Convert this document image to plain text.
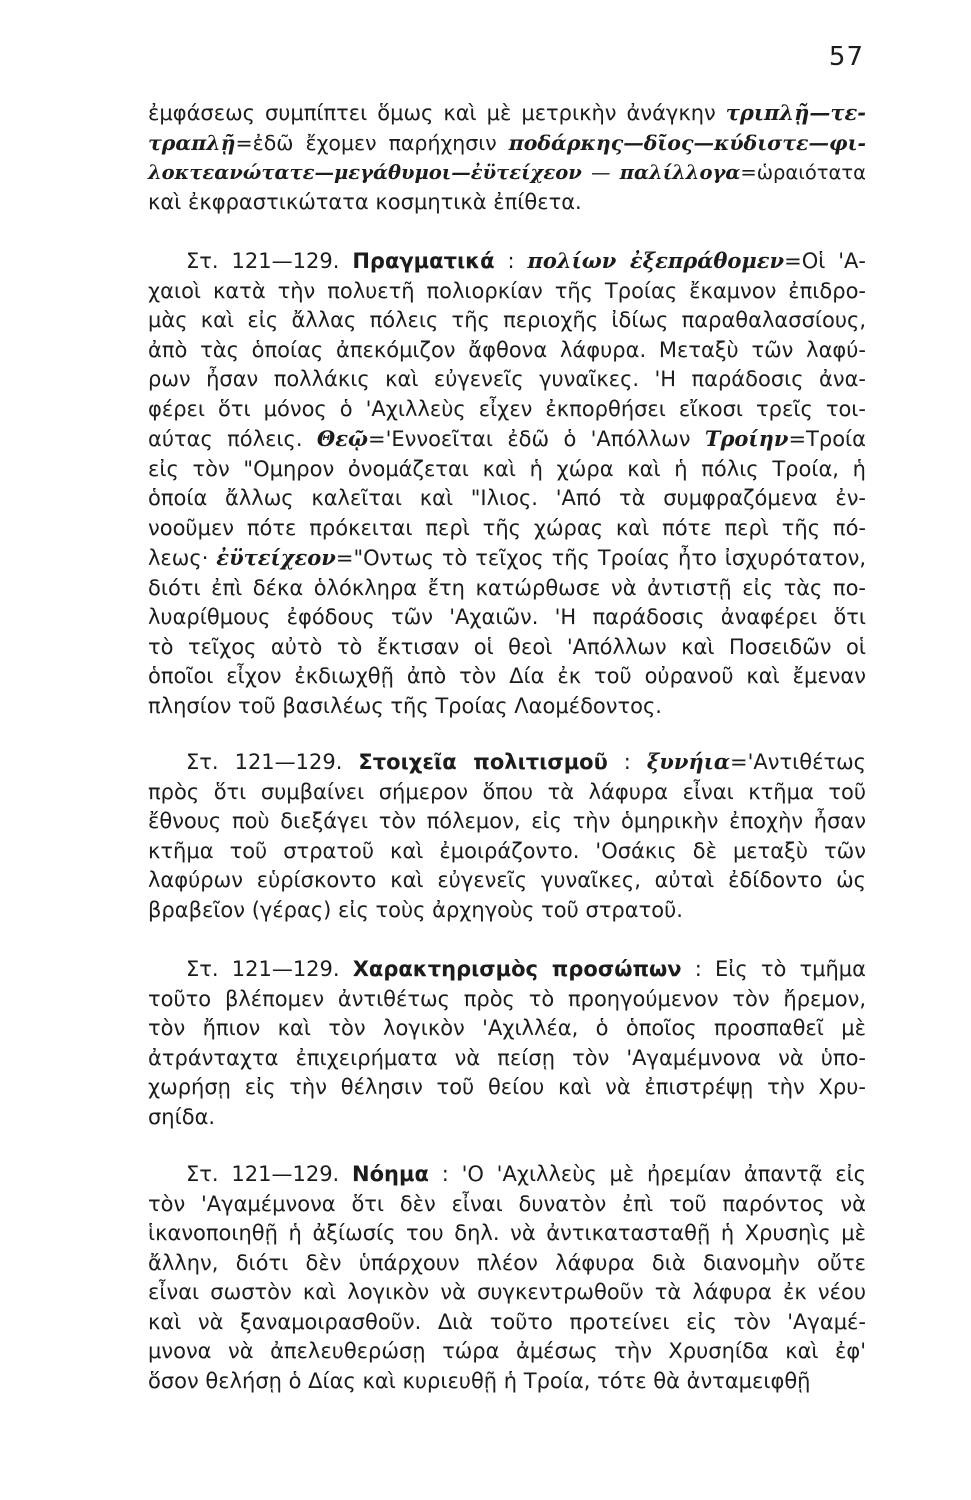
57
ἐμφάσεως συμπίπτει ὅμως καὶ μὲ μετρικὴν ἀνάγκην τριπλῇ—τε-
τραπλῇ=ἐδῶ ἔχομεν παρήχησιν ποδάρκης—δῖος—κύδιστε—φι-
λοκτεανώτατε—μεγάθυμοι—ἐϋτείχεον — παλίλλογα=ὡραιότατα
καὶ ἐκφραστικώτατα κοσμητικὰ ἐπίθετα.
Στ. 121—129. Πραγματικά : πολίων ἐξεπράθομεν=Οἱ 'Α-
χαιοὶ κατὰ τὴν πολυετῆ πολιορκίαν τῆς Τροίας ἔκαμνον ἐπιδρο-
μὰς καὶ εἰς ἄλλας πόλεις τῆς περιοχῆς ἰδίως παραθαλασσίους,
ἀπὸ τὰς ὁποίας ἀπεκόμιζον ἄφθονα λάφυρα. Μεταξὺ τῶν λαφύ-
ρων ἦσαν πολλάκις καὶ εὐγενεῖς γυναῖκες. 'Η παράδοσις ἀνα-
φέρει ὅτι μόνος ὁ 'Αχιλλεὺς εἶχεν ἐκπορθήσει εἴκοσι τρεῖς τοι-
αύτας πόλεις. Θεῷ='Εννοεῖται ἐδῶ ὁ 'Απόλλων Τροίην=Τροία
εἰς τὸν "Ομηρον ὀνομάζεται καὶ ἡ χώρα καὶ ἡ πόλις Τροία, ἡ
ὁποία ἄλλως καλεῖται καὶ "Ιλιος. 'Από τὰ συμφραζόμενα ἐν-
νοοῦμεν πότε πρόκειται περὶ τῆς χώρας καὶ πότε περὶ τῆς πό-
λεως· ἐϋτείχεον="Οντως τὸ τεῖχος τῆς Τροίας ἦτο ἰσχυρότατον,
διότι ἐπὶ δέκα ὁλόκληρα ἔτη κατώρθωσε νὰ ἀντιστῇ εἰς τὰς πο-
λυαρίθμους ἐφόδους τῶν 'Αχαιῶν. 'Η παράδοσις ἀναφέρει ὅτι
τὸ τεῖχος αὐτὸ τὸ ἔκτισαν οἱ θεοὶ 'Απόλλων καὶ Ποσειδῶν οἱ
ὁποῖοι εἶχον ἐκδιωχθῇ ἀπὸ τὸν Δία ἐκ τοῦ οὐρανοῦ καὶ ἔμεναν
πλησίον τοῦ βασιλέως τῆς Τροίας Λαομέδοντος.
Στ. 121—129. Στοιχεῖα πολιτισμοῦ : ξυνήια='Αντιθέτως
πρὸς ὅτι συμβαίνει σήμερον ὅπου τὰ λάφυρα εἶναι κτῆμα τοῦ
ἔθνους ποὺ διεξάγει τὸν πόλεμον, εἰς τὴν ὁμηρικὴν ἐποχὴν ἦσαν
κτῆμα τοῦ στρατοῦ καὶ ἐμοιράζοντο. 'Οσάκις δὲ μεταξὺ τῶν
λαφύρων εὑρίσκοντο καὶ εὐγενεῖς γυναῖκες, αὐταὶ ἐδίδοντο ὡς
βραβεῖον (γέρας) εἰς τοὺς ἀρχηγοὺς τοῦ στρατοῦ.
Στ. 121—129. Χαρακτηρισμὸς προσώπων : Εἰς τὸ τμῆμα
τοῦτο βλέπομεν ἀντιθέτως πρὸς τὸ προηγούμενον τὸν ἤρεμον,
τὸν ἤπιον καὶ τὸν λογικὸν 'Αχιλλέα, ὁ ὁποῖος προσπαθεῖ μὲ
ἀτράνταχτα ἐπιχειρήματα νὰ πείσῃ τὸν 'Αγαμέμνονα νὰ ὑπο-
χωρήσῃ εἰς τὴν θέλησιν τοῦ θείου καὶ νὰ ἐπιστρέψῃ τὴν Χρυ-
σηίδα.
Στ. 121—129. Νόημα : 'Ο 'Αχιλλεὺς μὲ ἠρεμίαν ἀπαντᾷ εἰς
τὸν 'Αγαμέμνονα ὅτι δὲν εἶναι δυνατὸν ἐπὶ τοῦ παρόντος νὰ
ἱκανοποιηθῇ ἡ ἀξίωσίς του δηλ. νὰ ἀντικατασταθῇ ἡ Χρυσηὶς μὲ
ἄλλην, διότι δὲν ὑπάρχουν πλέον λάφυρα διὰ διανομὴν οὔτε
εἶναι σωστὸν καὶ λογικὸν νὰ συγκεντρωθοῦν τὰ λάφυρα ἐκ νέου
καὶ νὰ ξαναμοιρασθοῦν. Διὰ τοῦτο προτείνει εἰς τὸν 'Αγαμέ-
μνονα νὰ ἀπελευθερώσῃ τώρα ἀμέσως τὴν Χρυσηίδα καὶ ἐφ'
ὅσον θελήσῃ ὁ Δίας καὶ κυριευθῇ ἡ Τροία, τότε θὰ ἀνταμειφθῇ
